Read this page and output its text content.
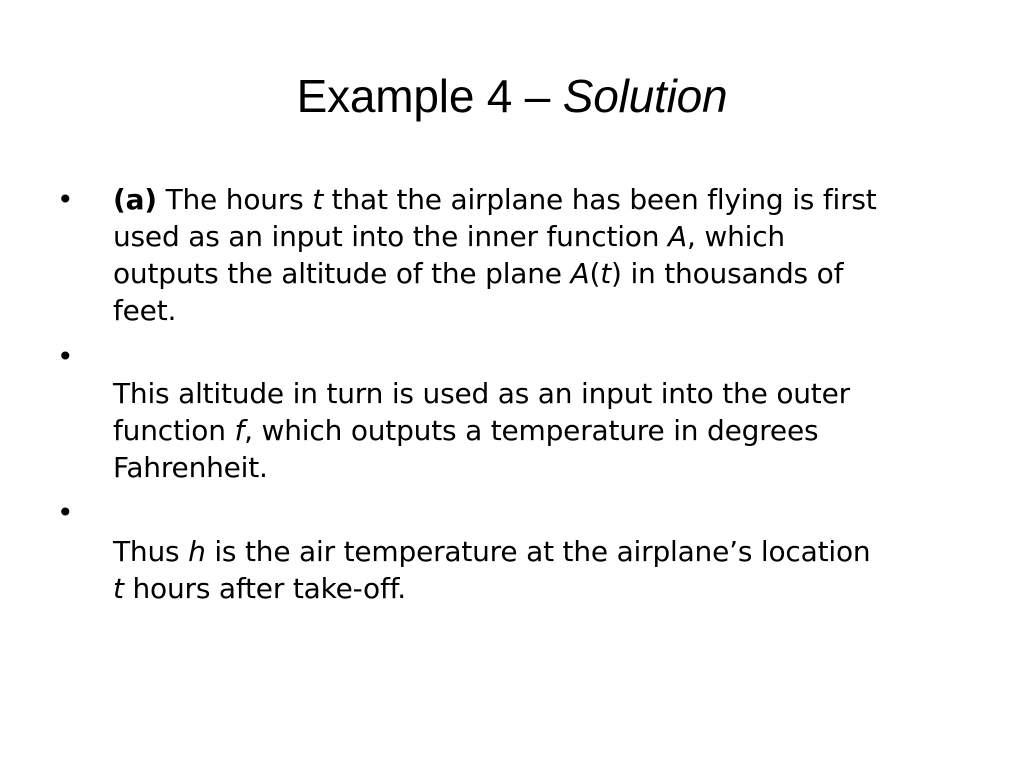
Example 4 – Solution
• (a) The hours t that the airplane has been flying is first
used as an input into the inner function A, which
outputs the altitude of the plane A(t) in thousands of
feet.
•
This altitude in turn is used as an input into the outer
function f, which outputs a temperature in degrees
Fahrenheit.
•
Thus h is the air temperature at the airplane’s location
t hours after take-off.
